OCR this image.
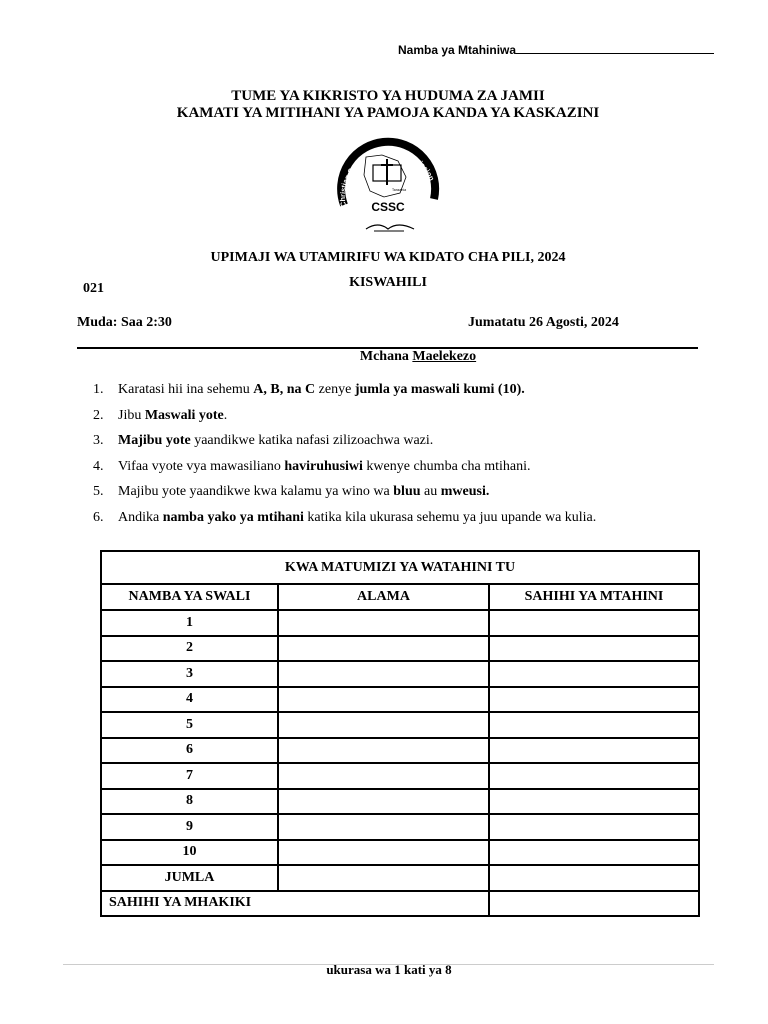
Namba ya Mtahiniwa
TUME YA KIKRISTO YA HUDUMA ZA JAMII
KAMATI YA MITIHANI YA PAMOJA KANDA YA KASKAZINI
Christian Social Services Commission
Tanzania
CSSC
UPIMAJI WA UTAMIRIFU WA KIDATO CHA PILI, 2024
KISWAHILI
021
Muda: Saa 2:30	Jumatatu 26 Agosti, 2024
Mchana Maelekezo
1.	Karatasi hii ina sehemu A, B, na C zenye jumla ya maswali kumi (10).
2.	Jibu Maswali yote.
3.	Majibu yote yaandikwe katika nafasi zilizoachwa wazi.
4.	Vifaa vyote vya mawasiliano haviruhusiwi kwenye chumba cha mtihani.
5.	Majibu yote yaandikwe kwa kalamu ya wino wa bluu au mweusi.
6.	Andika namba yako ya mtihani katika kila ukurasa sehemu ya juu upande wa kulia.
KWA MATUMIZI YA WATAHINI TU		
NAMBA YA SWALI	ALAMA	SAHIHI YA MTAHINI
1		
2		
3		
4		
5		
6		
7		
8		
9		
10		
JUMLA		
SAHIHI YA MHAKIKI		
ukurasa wa 1 kati ya 8
